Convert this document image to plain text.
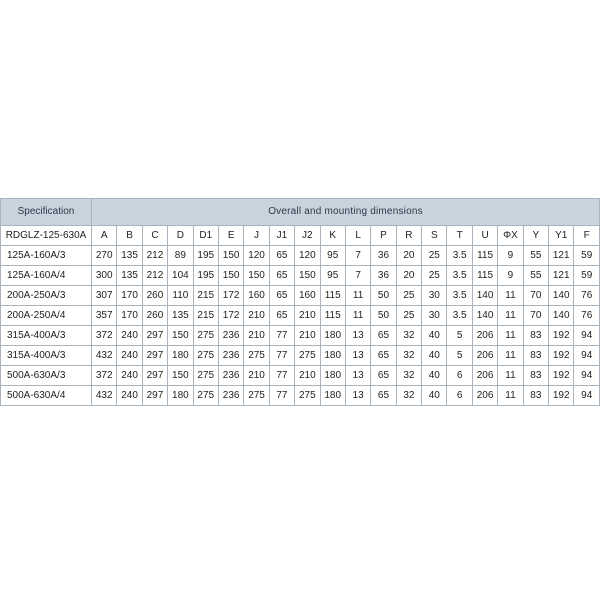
Specification	Overall and mounting dimensions																			
RDGLZ-125-630A	A	B	C	D	D1	E	J	J1	J2	K	L	P	R	S	T	U	ΦX	Y	Y1	F
125A-160A/3	270	135	212	89	195	150	120	65	120	95	7	36	20	25	3.5	115	9	55	121	59
125A-160A/4	300	135	212	104	195	150	150	65	150	95	7	36	20	25	3.5	115	9	55	121	59
200A-250A/3	307	170	260	110	215	172	160	65	160	115	11	50	25	30	3.5	140	11	70	140	76
200A-250A/4	357	170	260	135	215	172	210	65	210	115	11	50	25	30	3.5	140	11	70	140	76
315A-400A/3	372	240	297	150	275	236	210	77	210	180	13	65	32	40	5	206	11	83	192	94
315A-400A/3	432	240	297	180	275	236	275	77	275	180	13	65	32	40	5	206	11	83	192	94
500A-630A/3	372	240	297	150	275	236	210	77	210	180	13	65	32	40	6	206	11	83	192	94
500A-630A/4	432	240	297	180	275	236	275	77	275	180	13	65	32	40	6	206	11	83	192	94
